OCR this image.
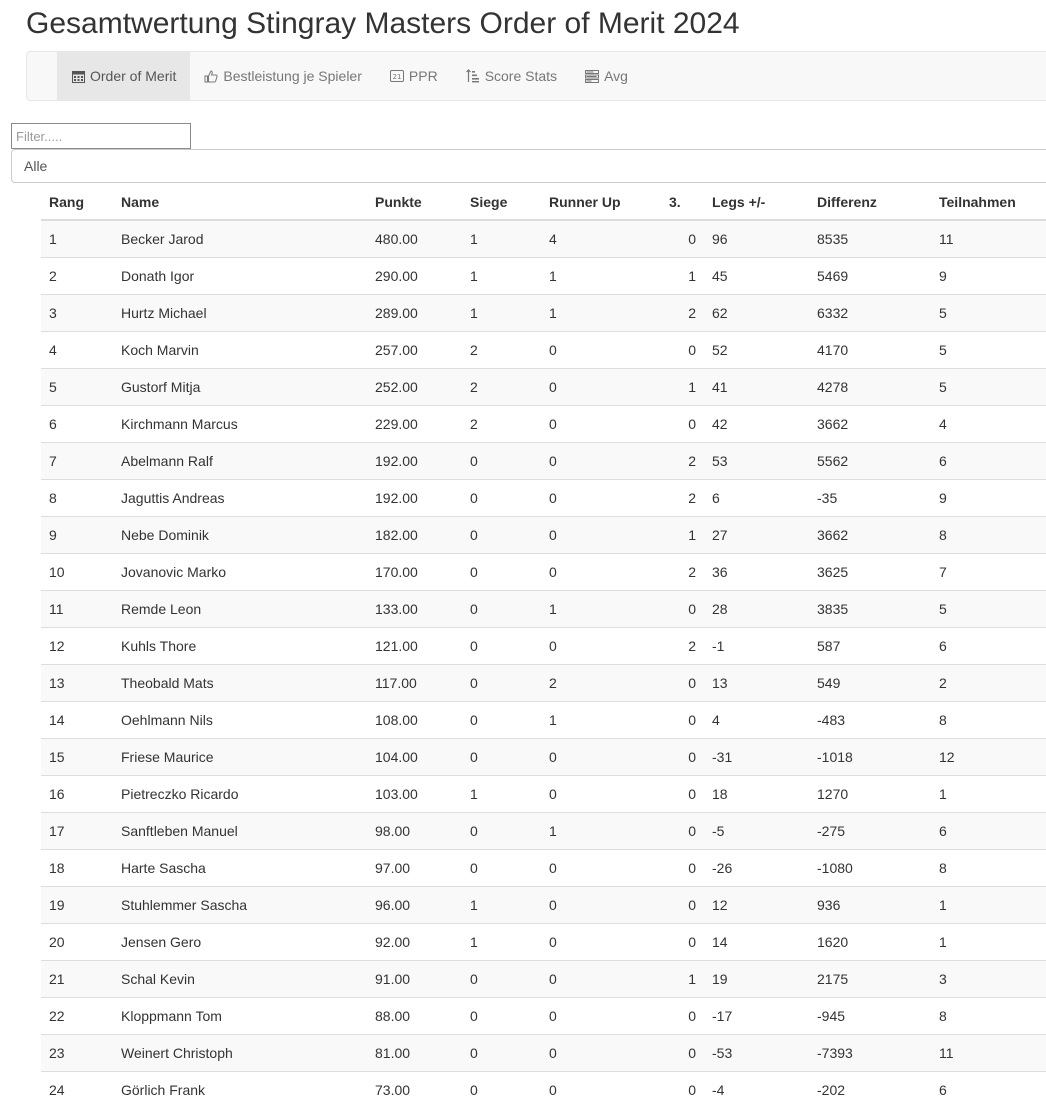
Gesamtwertung Stingray Masters Order of Merit 2024
Order of Merit	Bestleistung je Spieler	21 PPR	Score Stats	Avg
Filter.....
Alle
Rang	Name	Punkte	Siege	Runner Up	3.	Legs +/-	Differenz	Teilnahmen
1	Becker Jarod	480.00	1	4	0	96	8535	11
2	Donath Igor	290.00	1	1	1	45	5469	9
3	Hurtz Michael	289.00	1	1	2	62	6332	5
4	Koch Marvin	257.00	2	0	0	52	4170	5
5	Gustorf Mitja	252.00	2	0	1	41	4278	5
6	Kirchmann Marcus	229.00	2	0	0	42	3662	4
7	Abelmann Ralf	192.00	0	0	2	53	5562	6
8	Jaguttis Andreas	192.00	0	0	2	6	-35	9
9	Nebe Dominik	182.00	0	0	1	27	3662	8
10	Jovanovic Marko	170.00	0	0	2	36	3625	7
11	Remde Leon	133.00	0	1	0	28	3835	5
12	Kuhls Thore	121.00	0	0	2	-1	587	6
13	Theobald Mats	117.00	0	2	0	13	549	2
14	Oehlmann Nils	108.00	0	1	0	4	-483	8
15	Friese Maurice	104.00	0	0	0	-31	-1018	12
16	Pietreczko Ricardo	103.00	1	0	0	18	1270	1
17	Sanftleben Manuel	98.00	0	1	0	-5	-275	6
18	Harte Sascha	97.00	0	0	0	-26	-1080	8
19	Stuhlemmer Sascha	96.00	1	0	0	12	936	1
20	Jensen Gero	92.00	1	0	0	14	1620	1
21	Schal Kevin	91.00	0	0	1	19	2175	3
22	Kloppmann Tom	88.00	0	0	0	-17	-945	8
23	Weinert Christoph	81.00	0	0	0	-53	-7393	11
24	Görlich Frank	73.00	0	0	0	-4	-202	6
